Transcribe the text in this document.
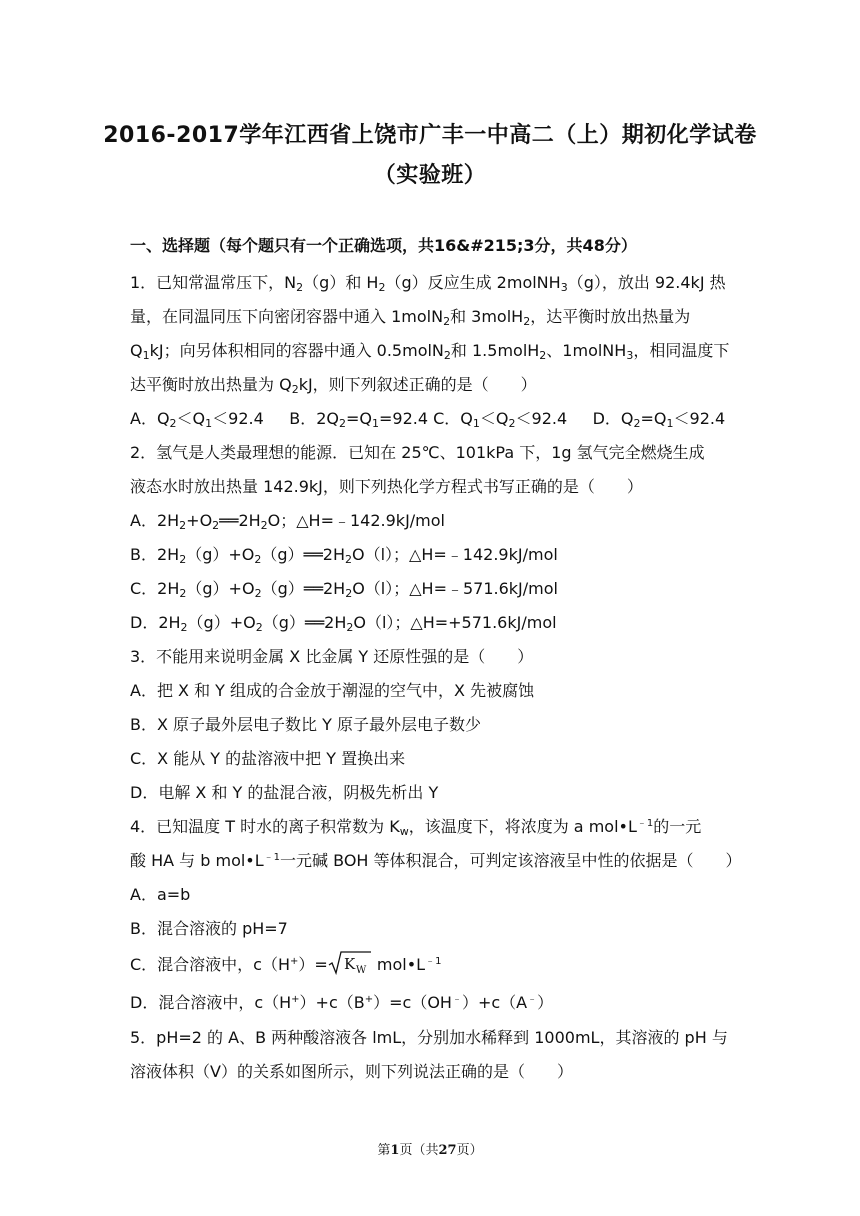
2016-2017学年江西省上饶市广丰一中高二（上）期初化学试卷
（实验班）
一、选择题（每个题只有一个正确选项，共16&#215;3分，共48分）
1．已知常温常压下，$N_2(g)$和 $H_2(g)$反应生成 2molNH$_3$（g），放出 92.4kJ 热
量，在同温同压下向密闭容器中通入 1molN$_2$和 3molH$_2$，达平衡时放出热量为
$Q_1kJ$；向另体积相同的容器中通入 0.5molN$_2$和 1.5molH$_2$、1molNH$_3$，相同温度下
达平衡时放出热量为 $Q_2kJ$，则下列叙述正确的是（　　）
A．$Q_2<Q_1<92.4$ B．$2Q_2=Q_1=92.4$ C．$Q_1<Q_2<92.4$ D．$Q_2=Q_1<92.4$
2．氢气是人类最理想的能源．已知在 25℃、101kPa 下，1g 氢气完全燃烧生成
液态水时放出热量 142.9kJ，则下列热化学方程式书写正确的是（　　）
A．$2H_2+O_2══2H_2O$；△H=﹣142.9kJ/mol
B．$2H_2(g)+O_2(g)══2H_2O(l)$；△H=﹣142.9kJ/mol
C．$2H_2(g)+O_2(g)══2H_2O(l)$；△H=﹣571.6kJ/mol
D．$2H_2(g)+O_2(g)══2H_2O(l)$；△H=+571.6kJ/mol
3．不能用来说明金属 X 比金属 Y 还原性强的是（　　）
A．把 X 和 Y 组成的合金放于潮湿的空气中，X 先被腐蚀
B．X 原子最外层电子数比 Y 原子最外层电子数少
C．X 能从 Y 的盐溶液中把 Y 置换出来
D．电解 X 和 Y 的盐混合液，阴极先析出 Y
4．已知温度 T 时水的离子积常数为 $K_w$，该温度下，将浓度为 a $mol•L^{﹣1}$的一元
酸 HA 与 b $mol•L^{﹣1}$一元碱 BOH 等体积混合，可判定该溶液呈中性的依据是（　　）
A．a=b
B．混合溶液的 pH=7
C．混合溶液中，c（H+）= K W $mol•L^{﹣1}$
D．混合溶液中，c（H+）+c（B+）=c（OH﹣）+c（A﹣）
5．pH=2 的 A、B 两种酸溶液各 lmL，分别加水稀释到 1000mL，其溶液的 pH 与
溶液体积（V）的关系如图所示，则下列说法正确的是（　　）
第1页（共27页）
